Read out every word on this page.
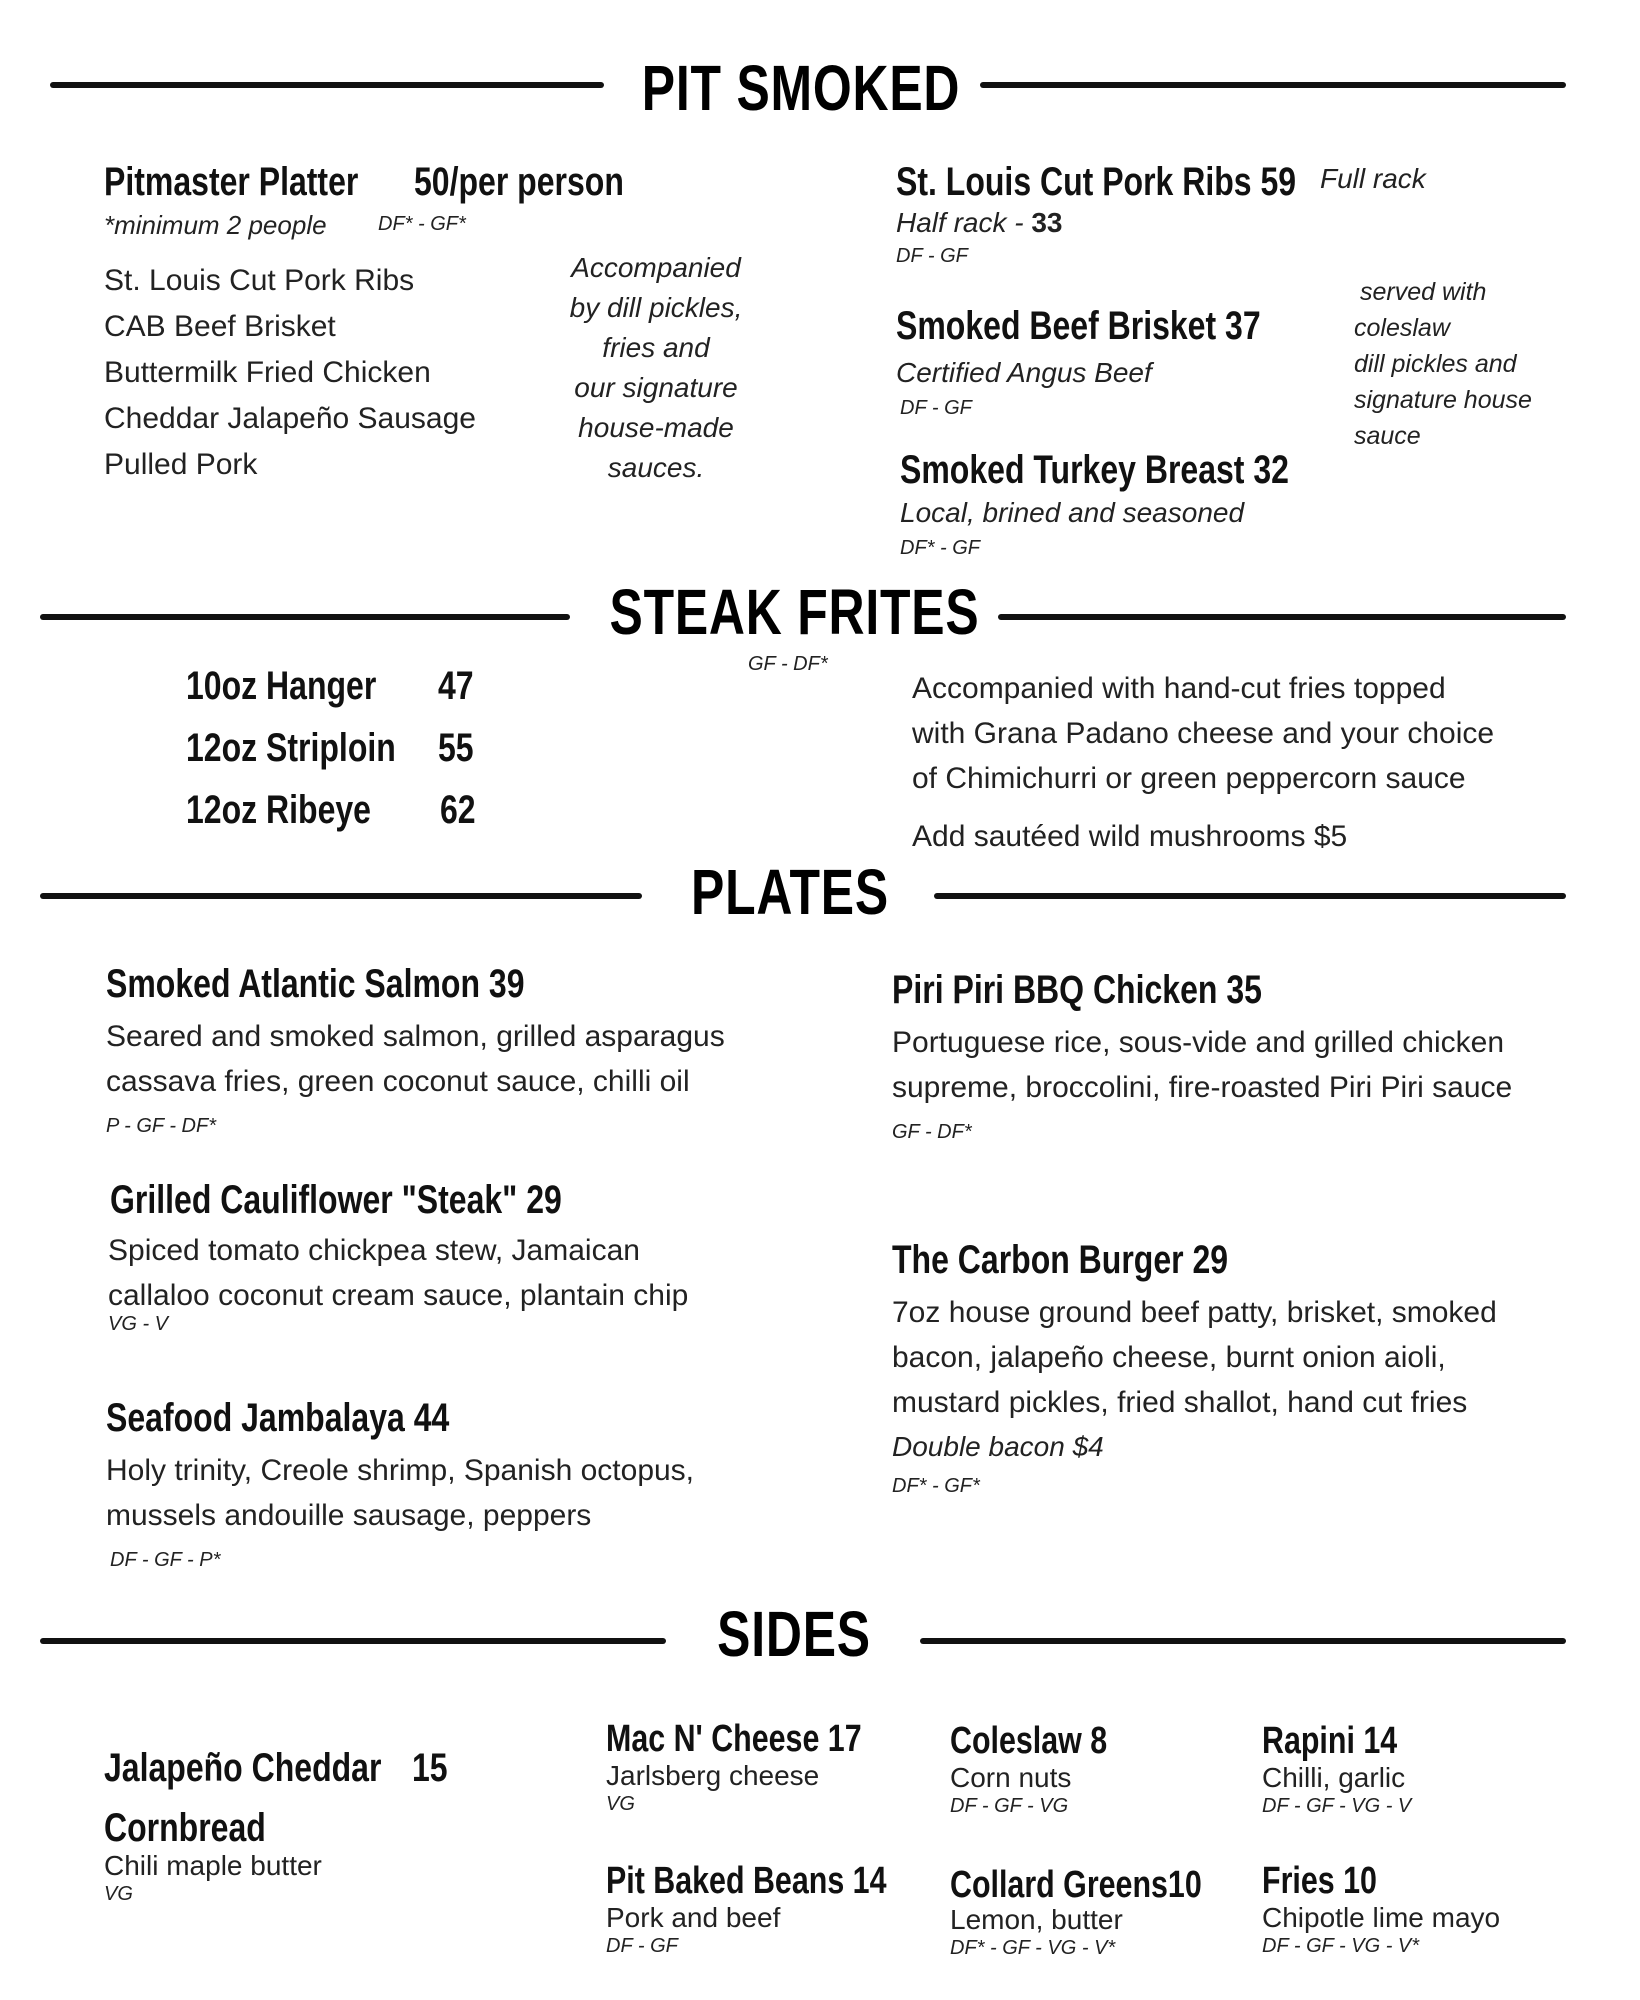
PIT SMOKED
Pitmaster Platter 50/per person
*minimum 2 people	DF* - GF*
St. Louis Cut Pork Ribs
CAB Beef Brisket
Buttermilk Fried Chicken
Cheddar Jalapeño Sausage
Pulled Pork
Accompanied
by dill pickles,
fries and
our signature
house-made
sauces.
St. Louis Cut Pork Ribs 59 Full rack
Half rack - 33
DF - GF
Smoked Beef Brisket 37
Certified Angus Beef
DF - GF
served with
coleslaw
dill pickles and
signature house
sauce
Smoked Turkey Breast 32
Local, brined and seasoned
DF* - GF
STEAK FRITES
GF - DF*
10oz Hanger 47
12oz Striploin 55
12oz Ribeye 62
Accompanied with hand-cut fries topped
with Grana Padano cheese and your choice
of Chimichurri or green peppercorn sauce
Add sautéed wild mushrooms $5
PLATES
Smoked Atlantic Salmon 39
Seared and smoked salmon, grilled asparagus
cassava fries, green coconut sauce, chilli oil
P - GF - DF*
Grilled Cauliflower "Steak" 29
Spiced tomato chickpea stew, Jamaican
callaloo coconut cream sauce, plantain chip
VG - V
Seafood Jambalaya 44
Holy trinity, Creole shrimp, Spanish octopus,
mussels andouille sausage, peppers
DF - GF - P*
Piri Piri BBQ Chicken 35
Portuguese rice, sous-vide and grilled chicken
supreme, broccolini, fire-roasted Piri Piri sauce
GF - DF*
The Carbon Burger 29
7oz house ground beef patty, brisket, smoked
bacon, jalapeño cheese, burnt onion aioli,
mustard pickles, fried shallot, hand cut fries
Double bacon $4
DF* - GF*
SIDES
Jalapeño Cheddar 15
Cornbread
Chili maple butter
VG
Mac N' Cheese 17
Jarlsberg cheese
VG
Pit Baked Beans 14
Pork and beef
DF - GF
Coleslaw 8
Corn nuts
DF - GF - VG
Collard Greens10
Lemon, butter
DF* - GF - VG - V*
Rapini 14
Chilli, garlic
DF - GF - VG - V
Fries 10
Chipotle lime mayo
DF - GF - VG - V*
